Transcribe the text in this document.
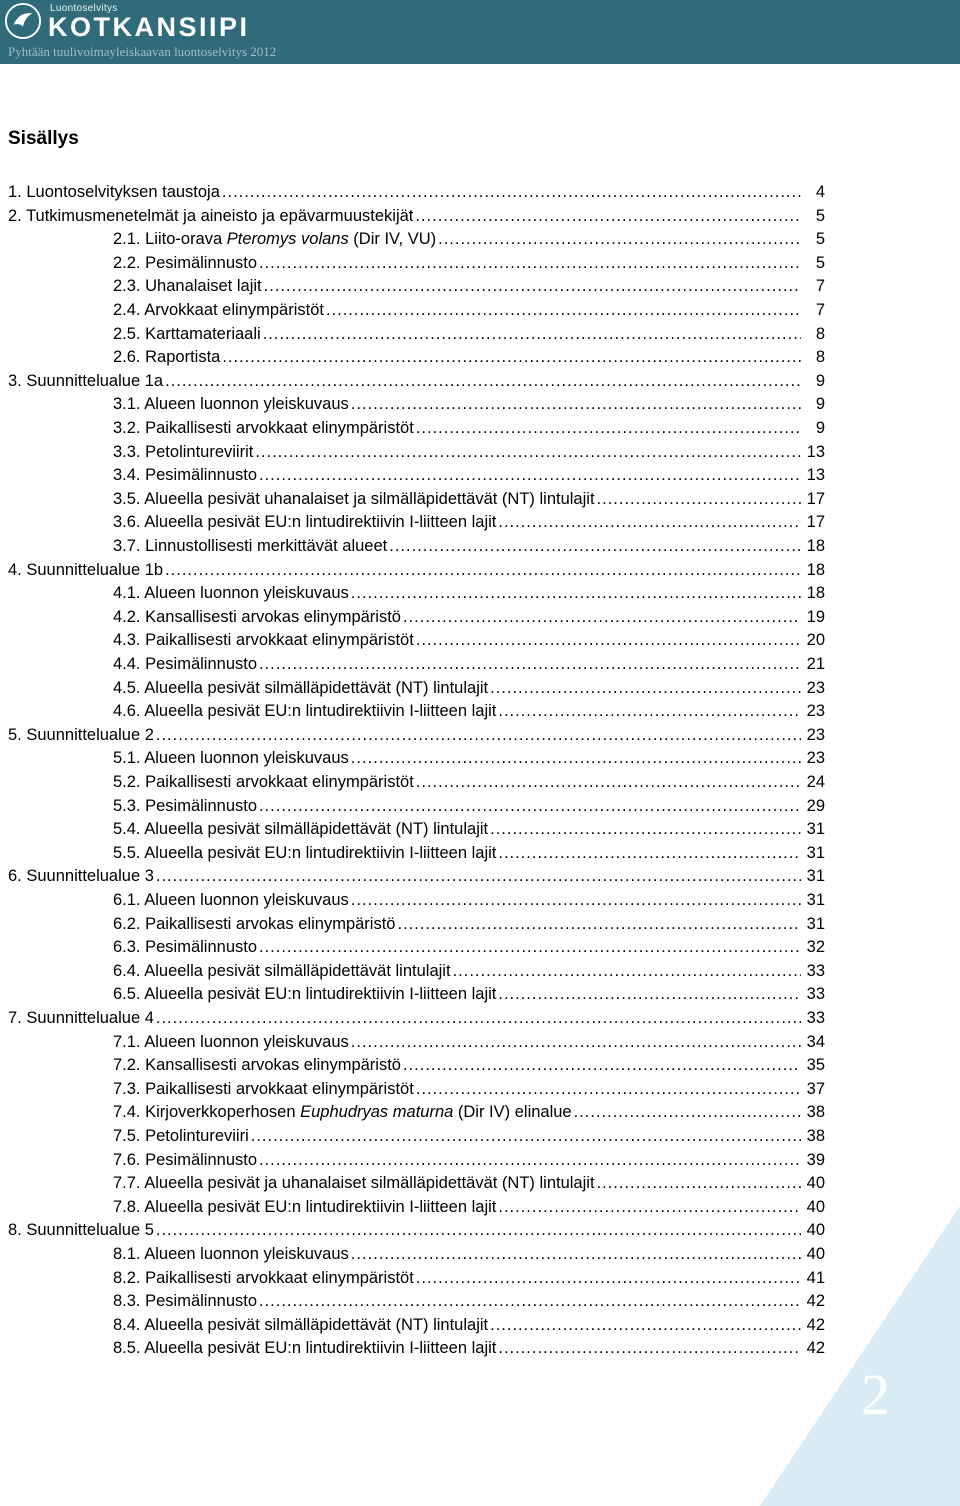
Luontoselvitys
KOTKANSIIPI
Pyhtään tuulivoimayleiskaavan luontoselvitys 2012
Sisällys
1. Luontoselvityksen taustoja .....	4
2. Tutkimusmenetelmät ja aineisto ja epävarmuustekijät .....	5
2.1. Liito-orava Pteromys volans (Dir IV, VU) .....	5
2.2. Pesimälinnusto .....	5
2.3. Uhanalaiset lajit .....	7
2.4. Arvokkaat elinympäristöt .....	7
2.5. Karttamateriaali .....	8
2.6. Raportista .....	8
3. Suunnittelualue 1a .....	9
3.1. Alueen luonnon yleiskuvaus .....	9
3.2. Paikallisesti arvokkaat elinympäristöt .....	9
3.3. Petolintureviirit .....	13
3.4. Pesimälinnusto .....	13
3.5. Alueella pesivät uhanalaiset ja silmälläpidettävät (NT) lintulajit .....	17
3.6. Alueella pesivät EU:n lintudirektiivin I-liitteen lajit .....	17
3.7. Linnustollisesti merkittävät alueet .....	18
4. Suunnittelualue 1b .....	18
4.1. Alueen luonnon yleiskuvaus .....	18
4.2. Kansallisesti arvokas elinympäristö .....	19
4.3. Paikallisesti arvokkaat elinympäristöt .....	20
4.4. Pesimälinnusto .....	21
4.5. Alueella pesivät silmälläpidettävät (NT) lintulajit .....	23
4.6. Alueella pesivät EU:n lintudirektiivin I-liitteen lajit .....	23
5. Suunnittelualue 2 .....	23
5.1. Alueen luonnon yleiskuvaus .....	23
5.2. Paikallisesti arvokkaat elinympäristöt .....	24
5.3. Pesimälinnusto .....	29
5.4. Alueella pesivät silmälläpidettävät (NT) lintulajit .....	31
5.5. Alueella pesivät EU:n lintudirektiivin I-liitteen lajit .....	31
6. Suunnittelualue 3 .....	31
6.1. Alueen luonnon yleiskuvaus .....	31
6.2. Paikallisesti arvokas elinympäristö .....	31
6.3. Pesimälinnusto .....	32
6.4. Alueella pesivät silmälläpidettävät lintulajit .....	33
6.5. Alueella pesivät EU:n lintudirektiivin I-liitteen lajit .....	33
7. Suunnittelualue 4 .....	33
7.1. Alueen luonnon yleiskuvaus .....	34
7.2. Kansallisesti arvokas elinympäristö .....	35
7.3. Paikallisesti arvokkaat elinympäristöt .....	37
7.4. Kirjoverkkoperhosen Euphudryas maturna (Dir IV) elinalue .....	38
7.5. Petolintureviiri .....	38
7.6. Pesimälinnusto .....	39
7.7. Alueella pesivät ja uhanalaiset silmälläpidettävät (NT) lintulajit .....	40
7.8. Alueella pesivät EU:n lintudirektiivin I-liitteen lajit .....	40
8. Suunnittelualue 5 .....	40
8.1. Alueen luonnon yleiskuvaus .....	40
8.2. Paikallisesti arvokkaat elinympäristöt .....	41
8.3. Pesimälinnusto .....	42
8.4. Alueella pesivät silmälläpidettävät (NT) lintulajit .....	42
8.5. Alueella pesivät EU:n lintudirektiivin I-liitteen lajit .....	42
2
